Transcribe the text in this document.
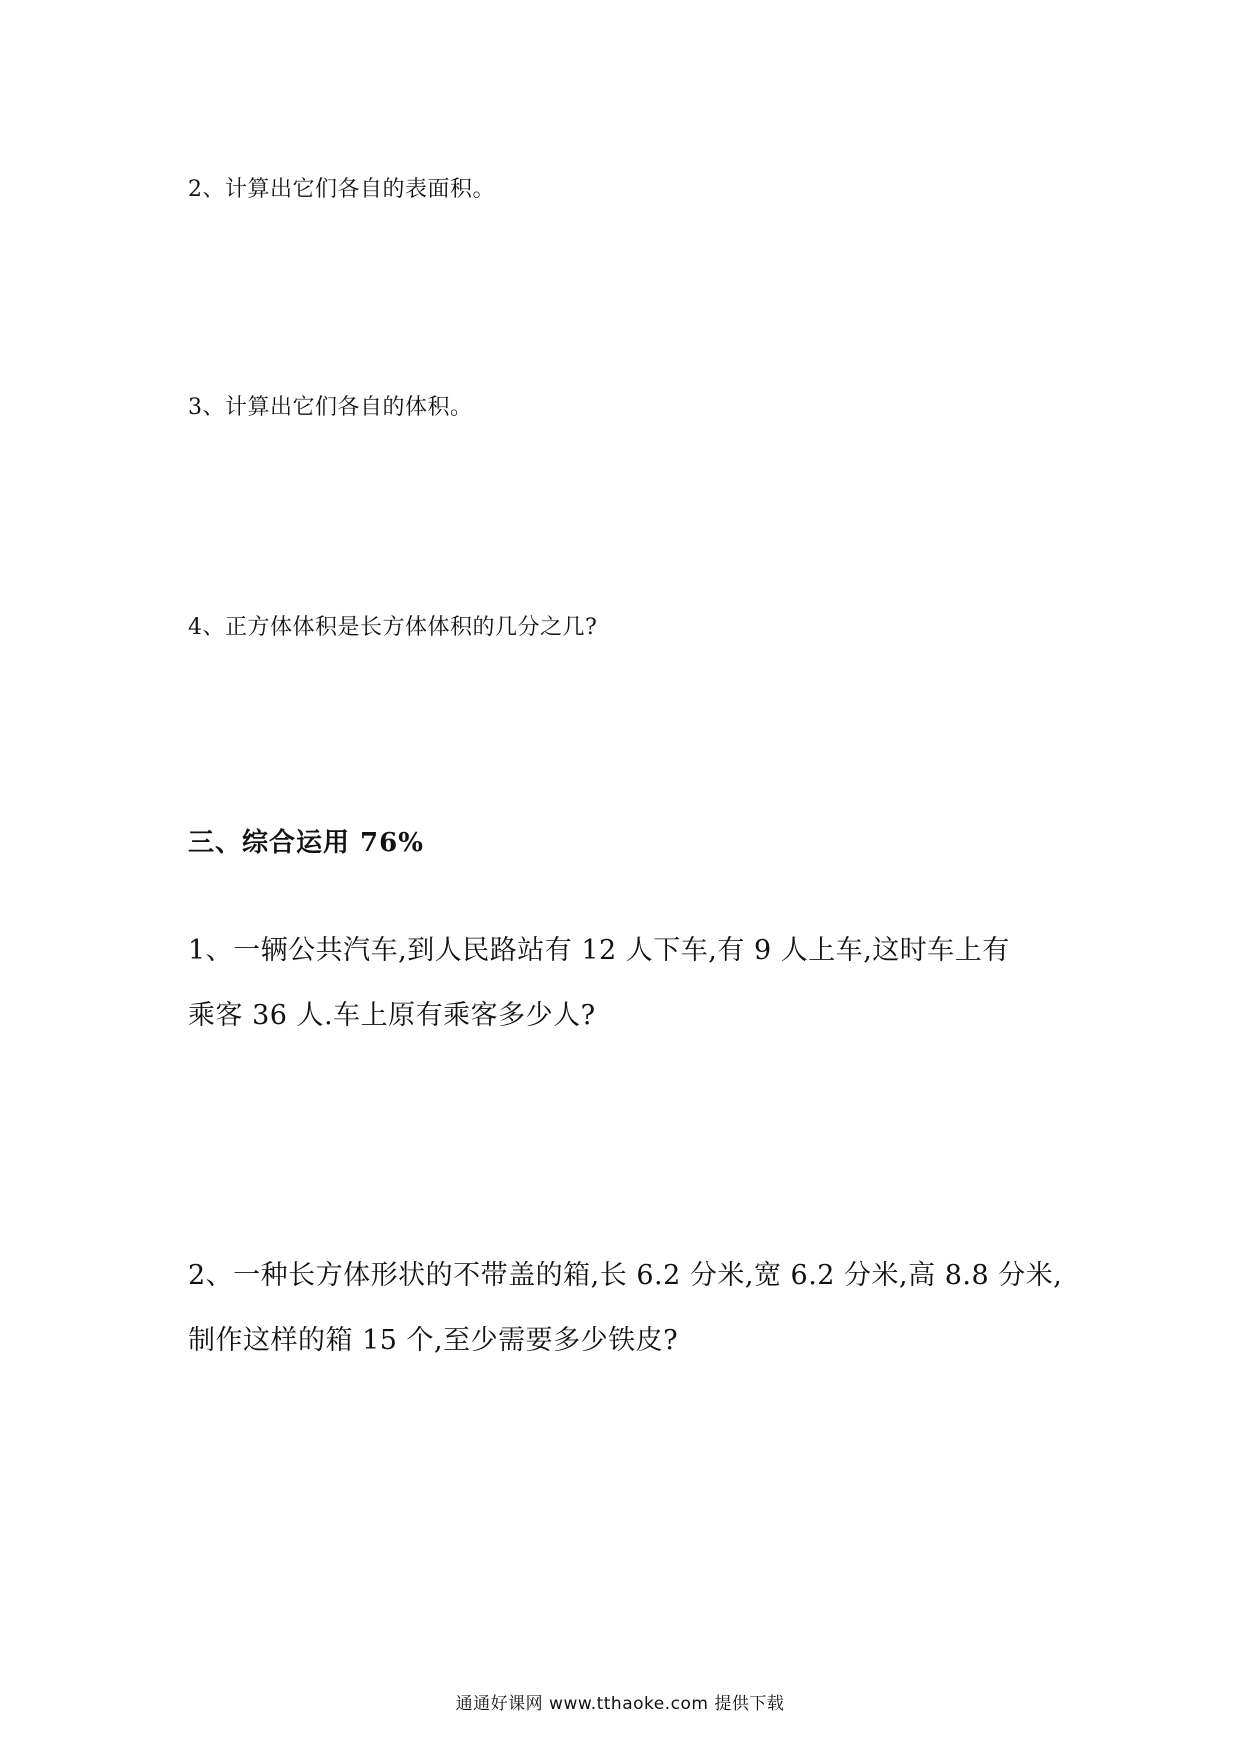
2、计算出它们各自的表面积。

3、计算出它们各自的体积。

4、正方体体积是长方体体积的几分之几?

三、综合运用 76%

1、一辆公共汽车,到人民路站有 12 人下车,有 9 人上车,这时车上有

乘客 36 人.车上原有乘客多少人?

2、一种长方体形状的不带盖的箱,长 6.2 分米,宽 6.2 分米,高 8.8 分米,

制作这样的箱 15 个,至少需要多少铁皮?

通通好课网 www.tthaoke.com 提供下载
